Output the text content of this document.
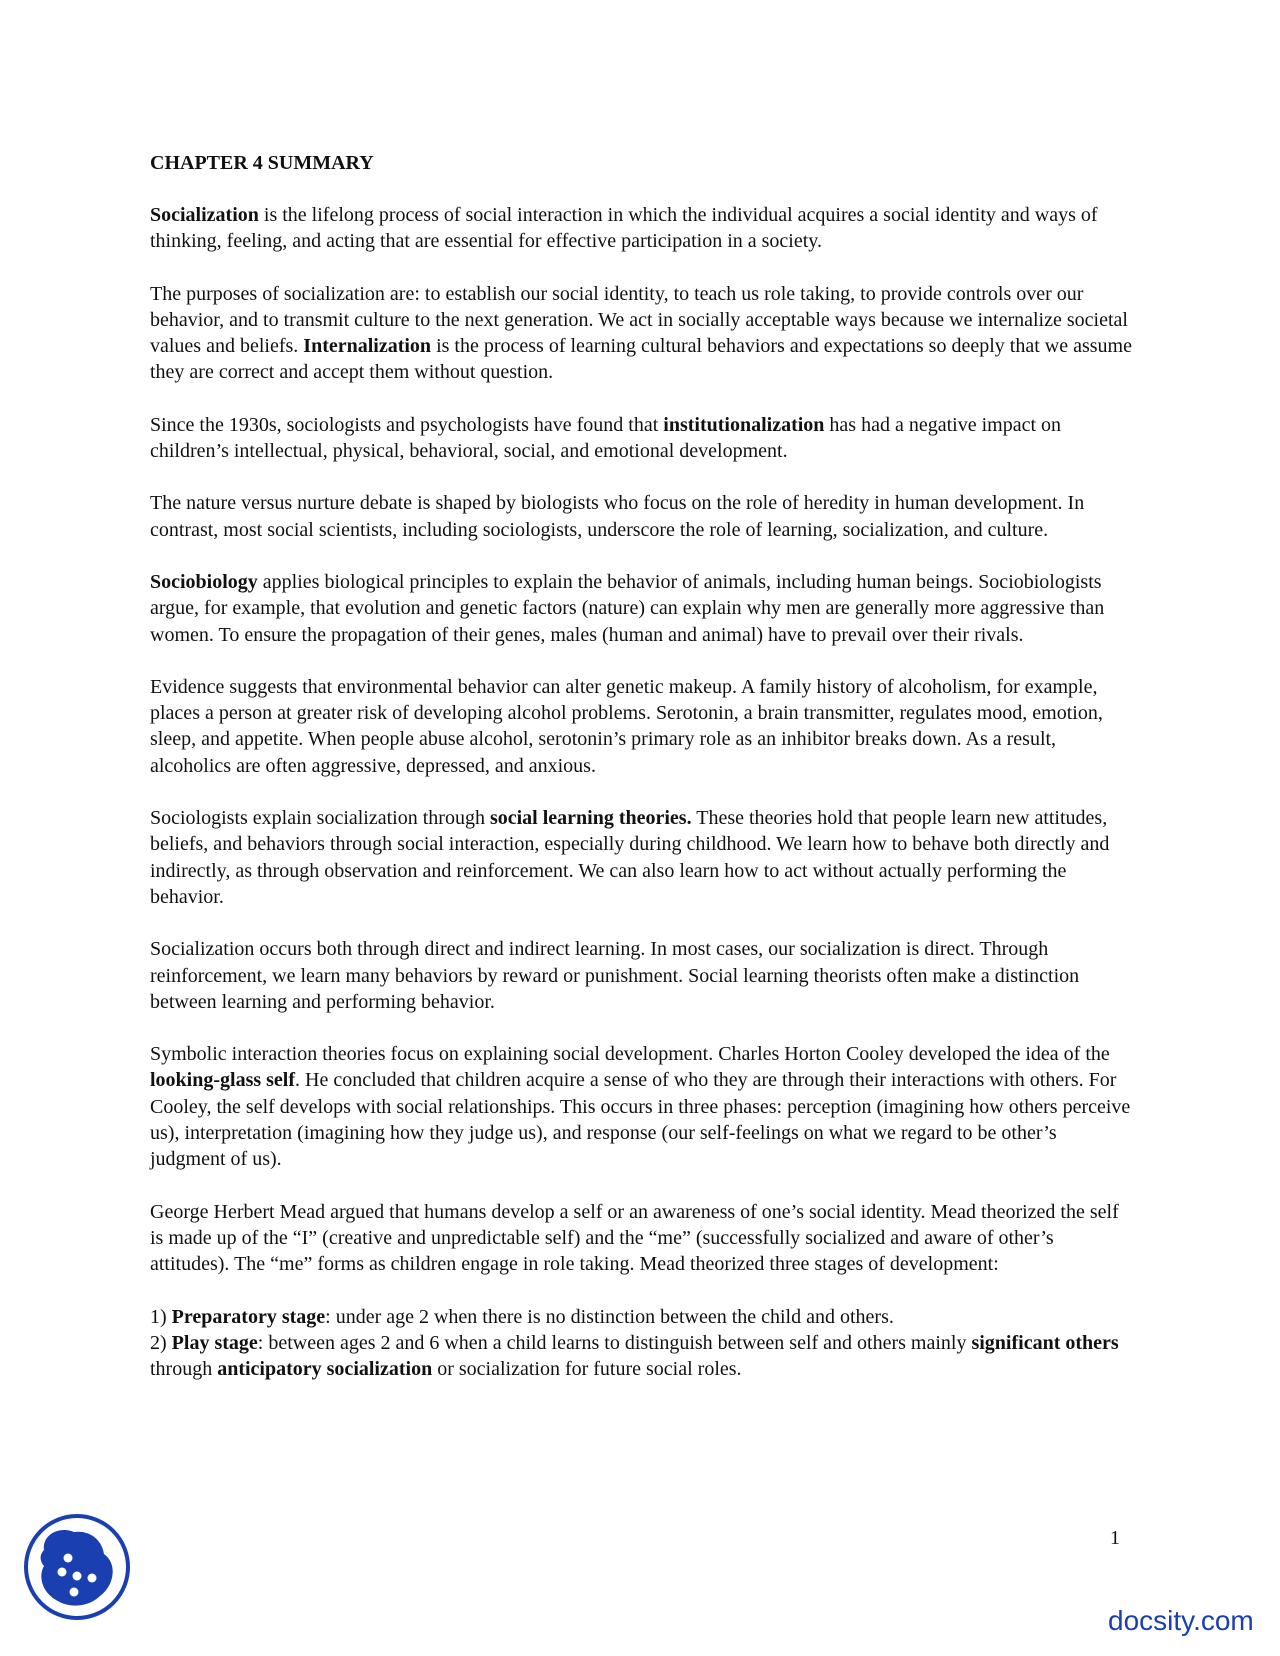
CHAPTER 4 SUMMARY
Socialization is the lifelong process of social interaction in which the individual acquires a social identity and ways of thinking, feeling, and acting that are essential for effective participation in a society.
The purposes of socialization are: to establish our social identity, to teach us role taking, to provide controls over our behavior, and to transmit culture to the next generation. We act in socially acceptable ways because we internalize societal values and beliefs. Internalization is the process of learning cultural behaviors and expectations so deeply that we assume they are correct and accept them without question.
Since the 1930s, sociologists and psychologists have found that institutionalization has had a negative impact on children’s intellectual, physical, behavioral, social, and emotional development.
The nature versus nurture debate is shaped by biologists who focus on the role of heredity in human development. In contrast, most social scientists, including sociologists, underscore the role of learning, socialization, and culture.
Sociobiology applies biological principles to explain the behavior of animals, including human beings. Sociobiologists argue, for example, that evolution and genetic factors (nature) can explain why men are generally more aggressive than women. To ensure the propagation of their genes, males (human and animal) have to prevail over their rivals.
Evidence suggests that environmental behavior can alter genetic makeup. A family history of alcoholism, for example, places a person at greater risk of developing alcohol problems. Serotonin, a brain transmitter, regulates mood, emotion, sleep, and appetite. When people abuse alcohol, serotonin’s primary role as an inhibitor breaks down. As a result, alcoholics are often aggressive, depressed, and anxious.
Sociologists explain socialization through social learning theories. These theories hold that people learn new attitudes, beliefs, and behaviors through social interaction, especially during childhood. We learn how to behave both directly and indirectly, as through observation and reinforcement. We can also learn how to act without actually performing the behavior.
Socialization occurs both through direct and indirect learning. In most cases, our socialization is direct. Through reinforcement, we learn many behaviors by reward or punishment. Social learning theorists often make a distinction between learning and performing behavior.
Symbolic interaction theories focus on explaining social development. Charles Horton Cooley developed the idea of the looking-glass self. He concluded that children acquire a sense of who they are through their interactions with others. For Cooley, the self develops with social relationships. This occurs in three phases: perception (imagining how others perceive us), interpretation (imagining how they judge us), and response (our self-feelings on what we regard to be other’s judgment of us).
George Herbert Mead argued that humans develop a self or an awareness of one’s social identity. Mead theorized the self is made up of the “I” (creative and unpredictable self) and the “me” (successfully socialized and aware of other’s attitudes). The “me” forms as children engage in role taking. Mead theorized three stages of development:
1) Preparatory stage: under age 2 when there is no distinction between the child and others.
2) Play stage: between ages 2 and 6 when a child learns to distinguish between self and others mainly significant others through anticipatory socialization or socialization for future social roles.
1
docsity.com
